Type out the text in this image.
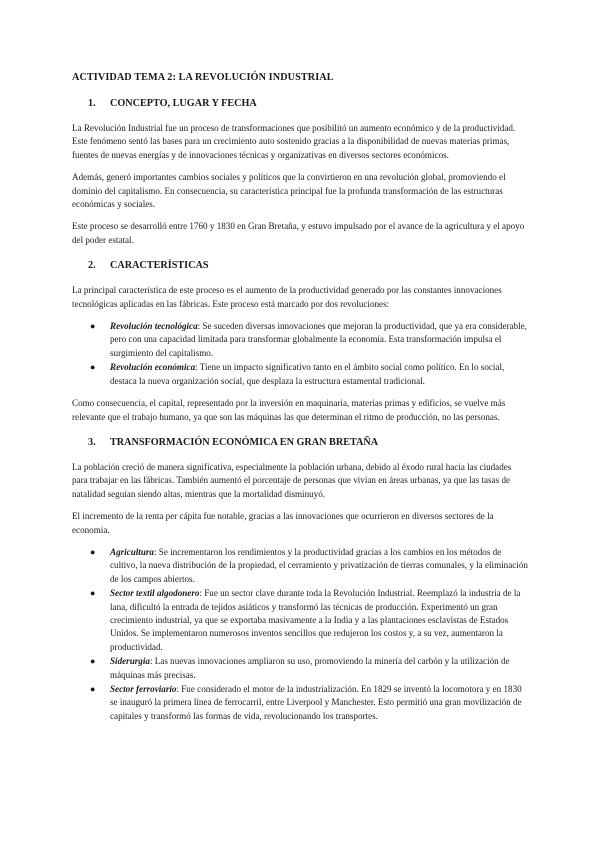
ACTIVIDAD TEMA 2: LA REVOLUCIÓN INDUSTRIAL
1. CONCEPTO, LUGAR Y FECHA

La Revolución Industrial fue un proceso de transformaciones que posibilitó un aumento económico y de la productividad. Este fenómeno sentó las bases para un crecimiento auto sostenido gracias a la disponibilidad de nuevas materias primas, fuentes de nuevas energías y de innovaciones técnicas y organizativas en diversos sectores económicos.

Además, generó importantes cambios sociales y políticos que la convirtieron en una revolución global, promoviendo el dominio del capitalismo. En consecuencia, su característica principal fue la profunda transformación de las estructuras económicas y sociales.

Este proceso se desarrolló entre 1760 y 1830 en Gran Bretaña, y estuvo impulsado por el avance de la agricultura y el apoyo del poder estatal.

2. CARACTERÍSTICAS

La principal característica de este proceso es el aumento de la productividad generado por las constantes innovaciones tecnológicas aplicadas en las fábricas. Este proceso está marcado por dos revoluciones:

● Revolución tecnológica: Se suceden diversas innovaciones que mejoran la productividad, que ya era considerable, pero con una capacidad limitada para transformar globalmente la economía. Esta transformación impulsa el surgimiento del capitalismo.
● Revolución económica: Tiene un impacto significativo tanto en el ámbito social como político. En lo social, destaca la nueva organización social, que desplaza la estructura estamental tradicional.

Como consecuencia, el capital, representado por la inversión en maquinaria, materias primas y edificios, se vuelve más relevante que el trabajo humano, ya que son las máquinas las que determinan el ritmo de producción, no las personas.

3. TRANSFORMACIÓN ECONÓMICA EN GRAN BRETAÑA

La población creció de manera significativa, especialmente la población urbana, debido al éxodo rural hacia las ciudades para trabajar en las fábricas. También aumentó el porcentaje de personas que vivían en áreas urbanas, ya que las tasas de natalidad seguían siendo altas, mientras que la mortalidad disminuyó.

El incremento de la renta per cápita fue notable, gracias a las innovaciones que ocurrieron en diversos sectores de la economía.

● Agricultura: Se incrementaron los rendimientos y la productividad gracias a los cambios en los métodos de cultivo, la nueva distribución de la propiedad, el cerramiento y privatización de tierras comunales, y la eliminación de los campos abiertos.
● Sector textil algodonero: Fue un sector clave durante toda la Revolución Industrial. Reemplazó la industria de la lana, dificultó la entrada de tejidos asiáticos y transformó las técnicas de producción. Experimentó un gran crecimiento industrial, ya que se exportaba masivamente a la India y a las plantaciones esclavistas de Estados Unidos. Se implementaron numerosos inventos sencillos que redujeron los costos y, a su vez, aumentaron la productividad.
● Siderurgia: Las nuevas innovaciones ampliaron su uso, promoviendo la minería del carbón y la utilización de máquinas más precisas.
● Sector ferroviario: Fue considerado el motor de la industrialización. En 1829 se inventó la locomotora y en 1830 se inauguró la primera línea de ferrocarril, entre Liverpool y Manchester. Esto permitió una gran movilización de capitales y transformó las formas de vida, revolucionando los transportes.
